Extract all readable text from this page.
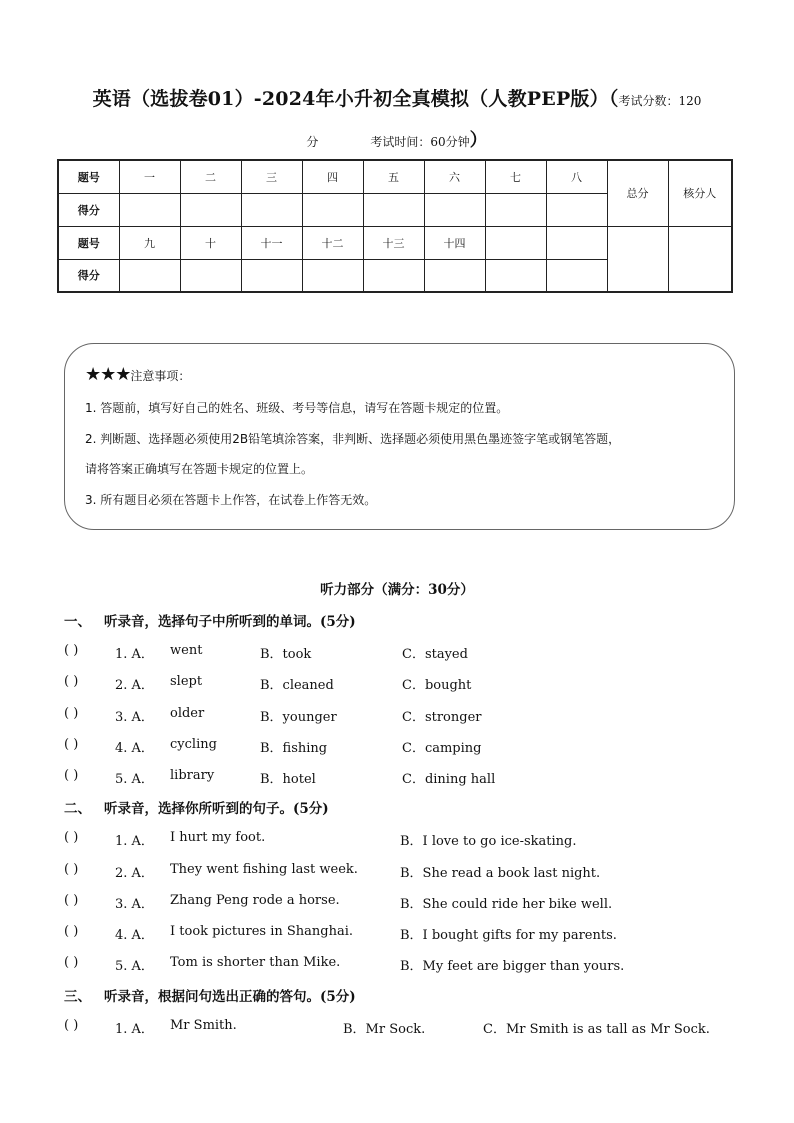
英语（选拔卷01）-2024年小升初全真模拟（人教PEP版）（考试分数：120
分	考试时间：60分钟）
题号	一	二	三	四	五	六	七	八	总分	核分人
得分										
题号	九	十	十一	十二	十三	十四				
得分										
★★★注意事项：
1. 答题前，填写好自己的姓名、班级、考号等信息，请写在答题卡规定的位置。
2. 判断题、选择题必须使用2B铅笔填涂答案，非判断、选择题必须使用黑色墨迹签字笔或钢笔答题，
请将答案正确填写在答题卡规定的位置上。
3. 所有题目必须在答题卡上作答，在试卷上作答无效。
听力部分（满分：30分）
一、 听录音，选择句子中所听到的单词。(5分)
( )	1. A． went	B．took	C．stayed
( )	2. A． slept	B．cleaned	C．bought
( )	3. A． older	B．younger	C．stronger
( )	4. A． cycling	B．fishing	C．camping
( )	5. A． library	B．hotel	C．dining hall
二、 听录音，选择你所听到的句子。(5分)
( )	1. A． I hurt my foot.	B．I love to go ice-skating.
( )	2. A． They went fishing last week.	B．She read a book last night.
( )	3. A． Zhang Peng rode a horse.	B．She could ride her bike well.
( )	4. A． I took pictures in Shanghai.	B．I bought gifts for my parents.
( )	5. A． Tom is shorter than Mike.	B．My feet are bigger than yours.
三、 听录音，根据问句选出正确的答句。(5分)
( )	1. A． Mr Smith.	B．Mr Sock.	C．Mr Smith is as tall as Mr Sock.
